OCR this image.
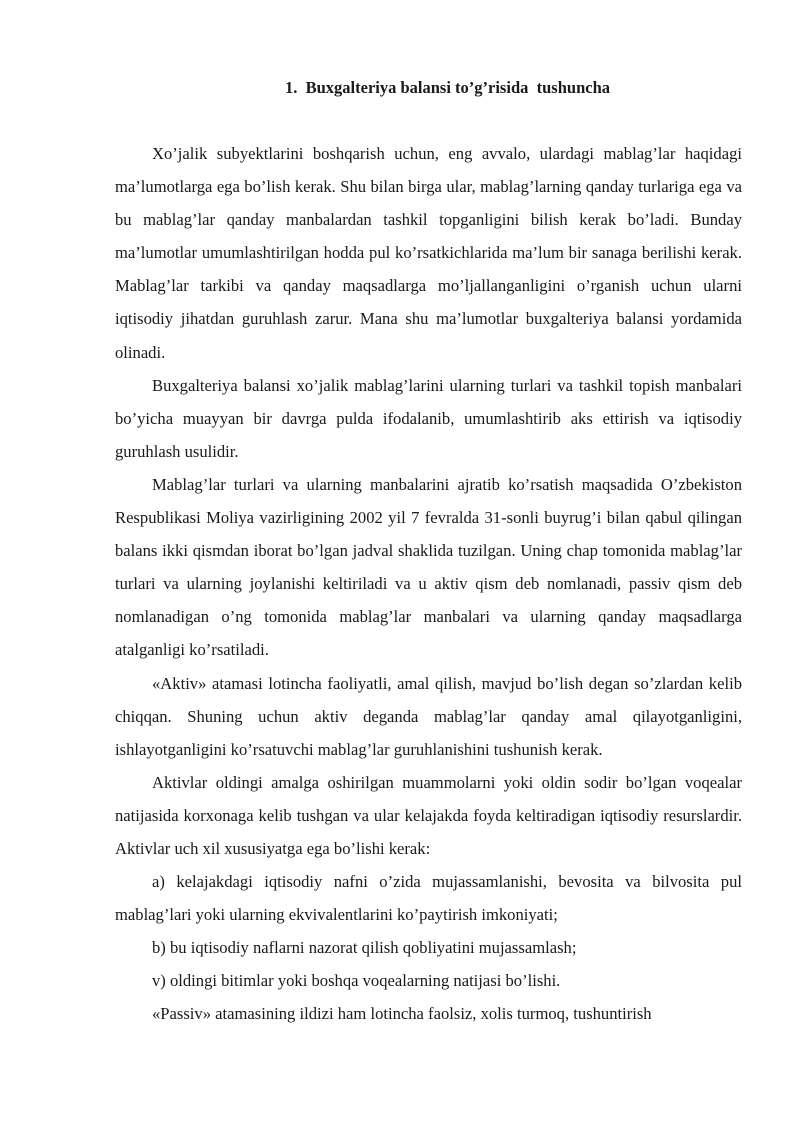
1.  Buxgalteriya balansi to’g’risida  tushuncha

Xo’jalik subyektlarini boshqarish uchun, eng avvalo, ulardagi mablag’lar haqidagi ma’lumotlarga ega bo’lish kerak. Shu bilan birga ular, mablag’larning qanday turlariga ega va bu mablag’lar qanday manbalardan tashkil topganligini bilish kerak bo’ladi. Bunday ma’lumotlar umumlashtirilgan hodda pul ko’rsatkichlarida ma’lum bir sanaga berilishi kerak. Mablag’lar tarkibi va qanday maqsadlarga mo’ljallanganligini o’rganish uchun ularni iqtisodiy jihatdan guruhlash zarur. Mana shu ma’lumotlar buxgalteriya balansi yordamida olinadi.

Buxgalteriya balansi xo’jalik mablag’larini ularning turlari va tashkil topish manbalari bo’yicha muayyan bir davrga pulda ifodalanib, umumlashtirib aks ettirish va iqtisodiy guruhlash usulidir.

Mablag’lar turlari va ularning manbalarini ajratib ko’rsatish maqsadida O’zbekiston Respublikasi Moliya vazirligining 2002 yil 7 fevralda 31-sonli buyrug’i bilan qabul qilingan balans ikki qismdan iborat bo’lgan jadval shaklida tuzilgan. Uning chap tomonida mablag’lar turlari va ularning joylanishi keltiriladi va u aktiv qism deb nomlanadi, passiv qism deb nomlanadigan o’ng tomonida mablag’lar manbalari va ularning qanday maqsadlarga atalganligi ko’rsatiladi.

«Aktiv» atamasi lotincha faoliyatli, amal qilish, mavjud bo’lish degan so’zlardan kelib chiqqan. Shuning uchun aktiv deganda mablag’lar qanday amal qilayotganligini, ishlayotganligini ko’rsatuvchi mablag’lar guruhlanishini tushunish kerak.

Aktivlar oldingi amalga oshirilgan muammolarni yoki oldin sodir bo’lgan voqealar natijasida korxonaga kelib tushgan va ular kelajakda foyda keltiradigan iqtisodiy resurslardir. Aktivlar uch xil xususiyatga ega bo’lishi kerak:

a) kelajakdagi iqtisodiy nafni o’zida mujassamlanishi, bevosita va bilvosita pul mablag’lari yoki ularning ekvivalentlarini ko’paytirish imkoniyati;

b) bu iqtisodiy naflarni nazorat qilish qobliyatini mujassamlash;

v) oldingi bitimlar yoki boshqa voqealarning natijasi bo’lishi.

«Passiv» atamasining ildizi ham lotincha faolsiz, xolis turmoq, tushuntirish
